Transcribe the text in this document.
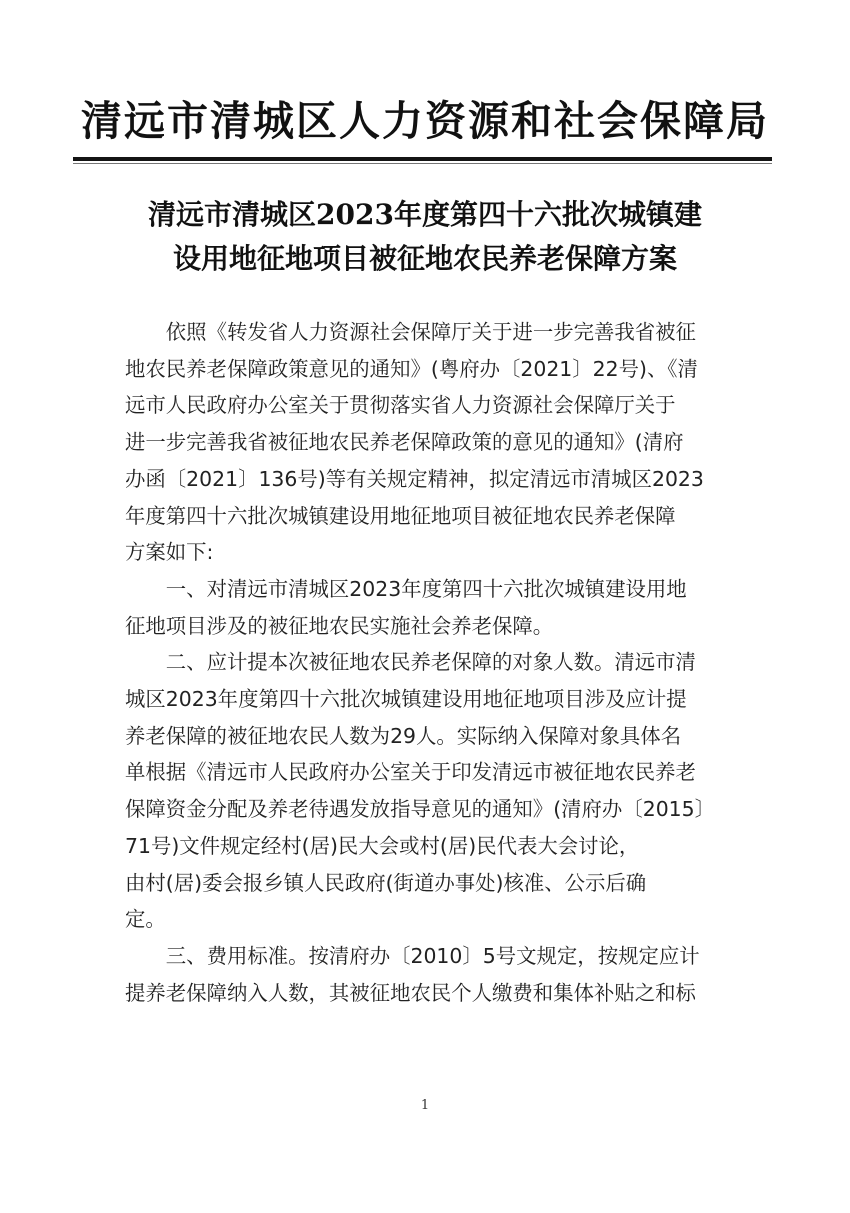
清远市清城区人力资源和社会保障局
清远市清城区2023年度第四十六批次城镇建
设用地征地项目被征地农民养老保障方案
依照《转发省人力资源社会保障厅关于进一步完善我省被征
地农民养老保障政策意见的通知》(粤府办〔2021〕22号)、《清
远市人民政府办公室关于贯彻落实省人力资源社会保障厅关于
进一步完善我省被征地农民养老保障政策的意见的通知》(清府
办函〔2021〕136号)等有关规定精神，拟定清远市清城区2023
年度第四十六批次城镇建设用地征地项目被征地农民养老保障
方案如下:
一、对清远市清城区2023年度第四十六批次城镇建设用地
征地项目涉及的被征地农民实施社会养老保障。
二、应计提本次被征地农民养老保障的对象人数。清远市清
城区2023年度第四十六批次城镇建设用地征地项目涉及应计提
养老保障的被征地农民人数为29人。实际纳入保障对象具体名
单根据《清远市人民政府办公室关于印发清远市被征地农民养老
保障资金分配及养老待遇发放指导意见的通知》(清府办〔2015〕
71号)文件规定经村(居)民大会或村(居)民代表大会讨论，
由村(居)委会报乡镇人民政府(街道办事处)核准、公示后确
定。
三、费用标准。按清府办〔2010〕5号文规定，按规定应计
提养老保障纳入人数，其被征地农民个人缴费和集体补贴之和标
1
